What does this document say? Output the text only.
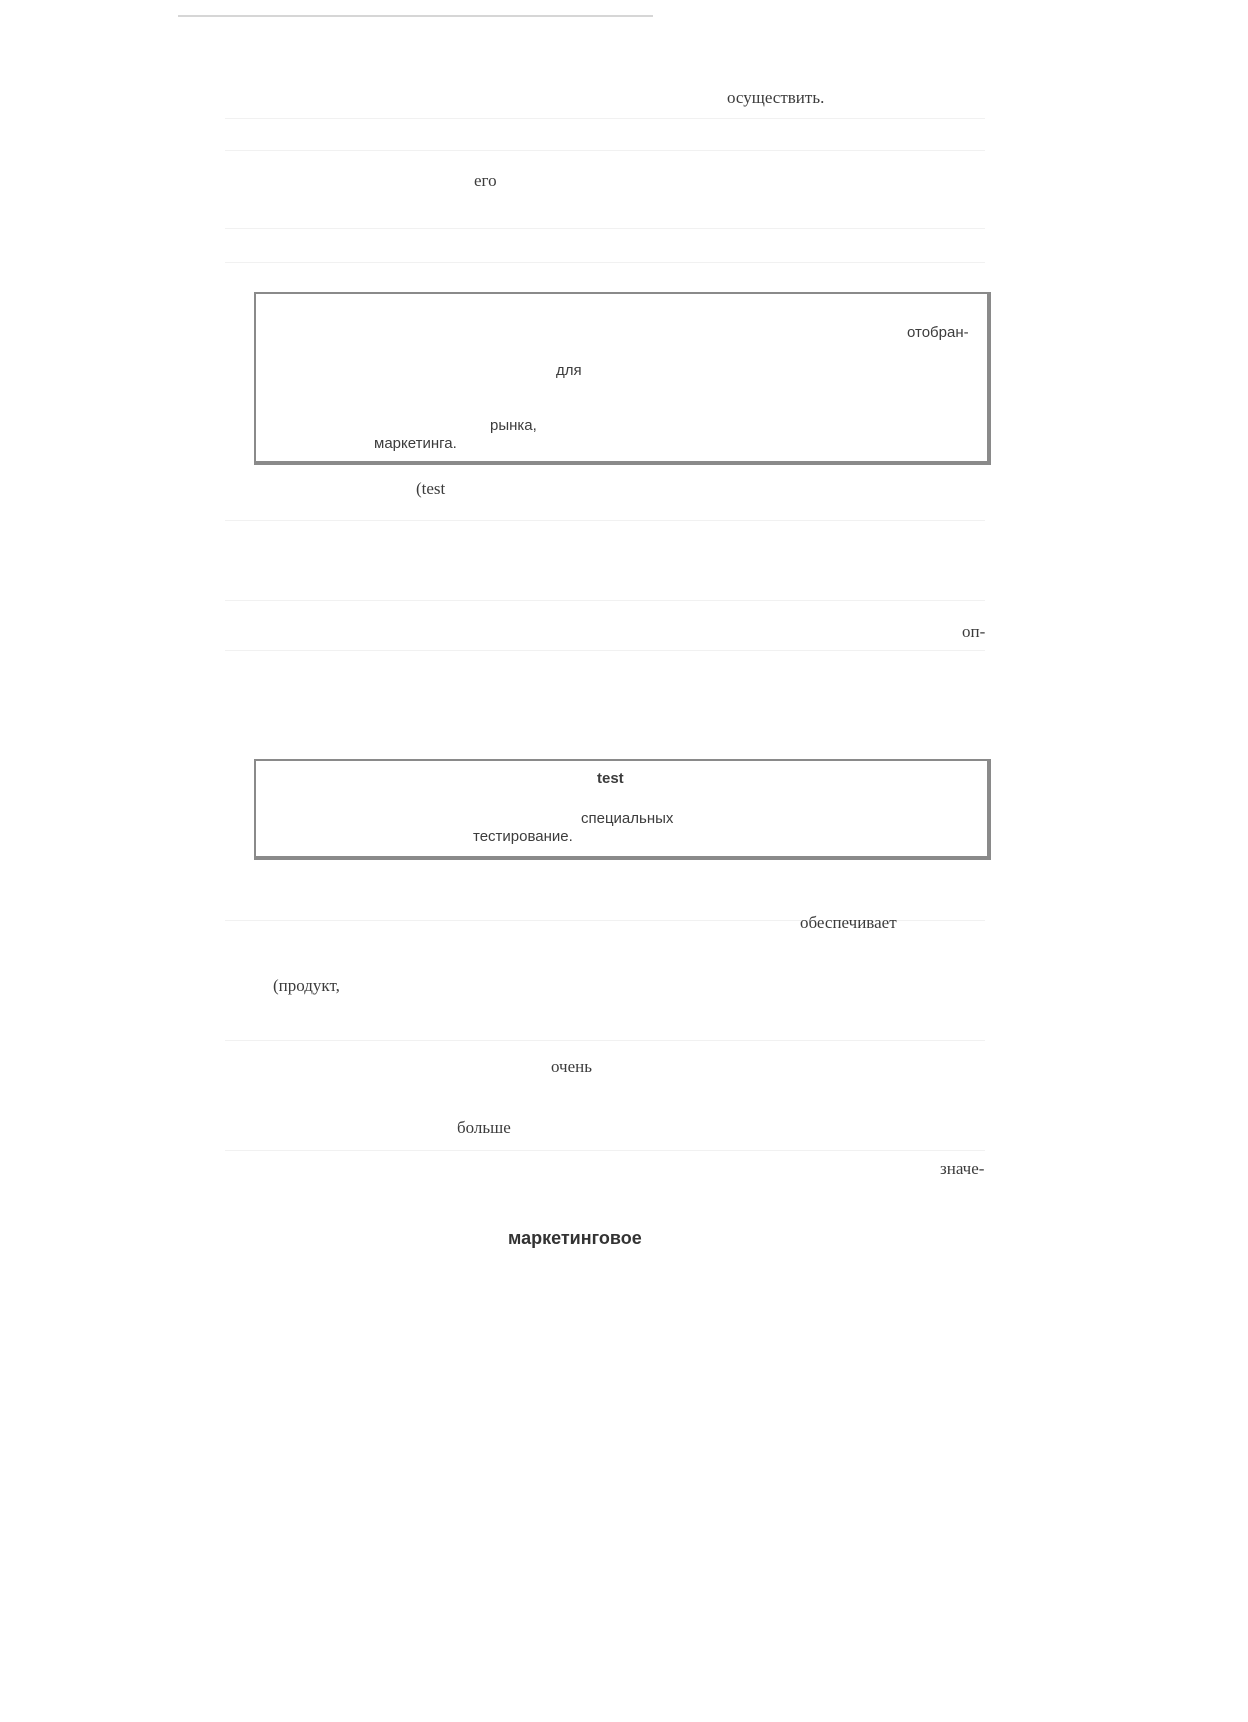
осуществить.
его
отобран-
для
рынка,
маркетинга.
(test
оп-
test
специальных
тестирование.
обеспечивает
(продукт,
очень
больше
значе-
маркетинговое
